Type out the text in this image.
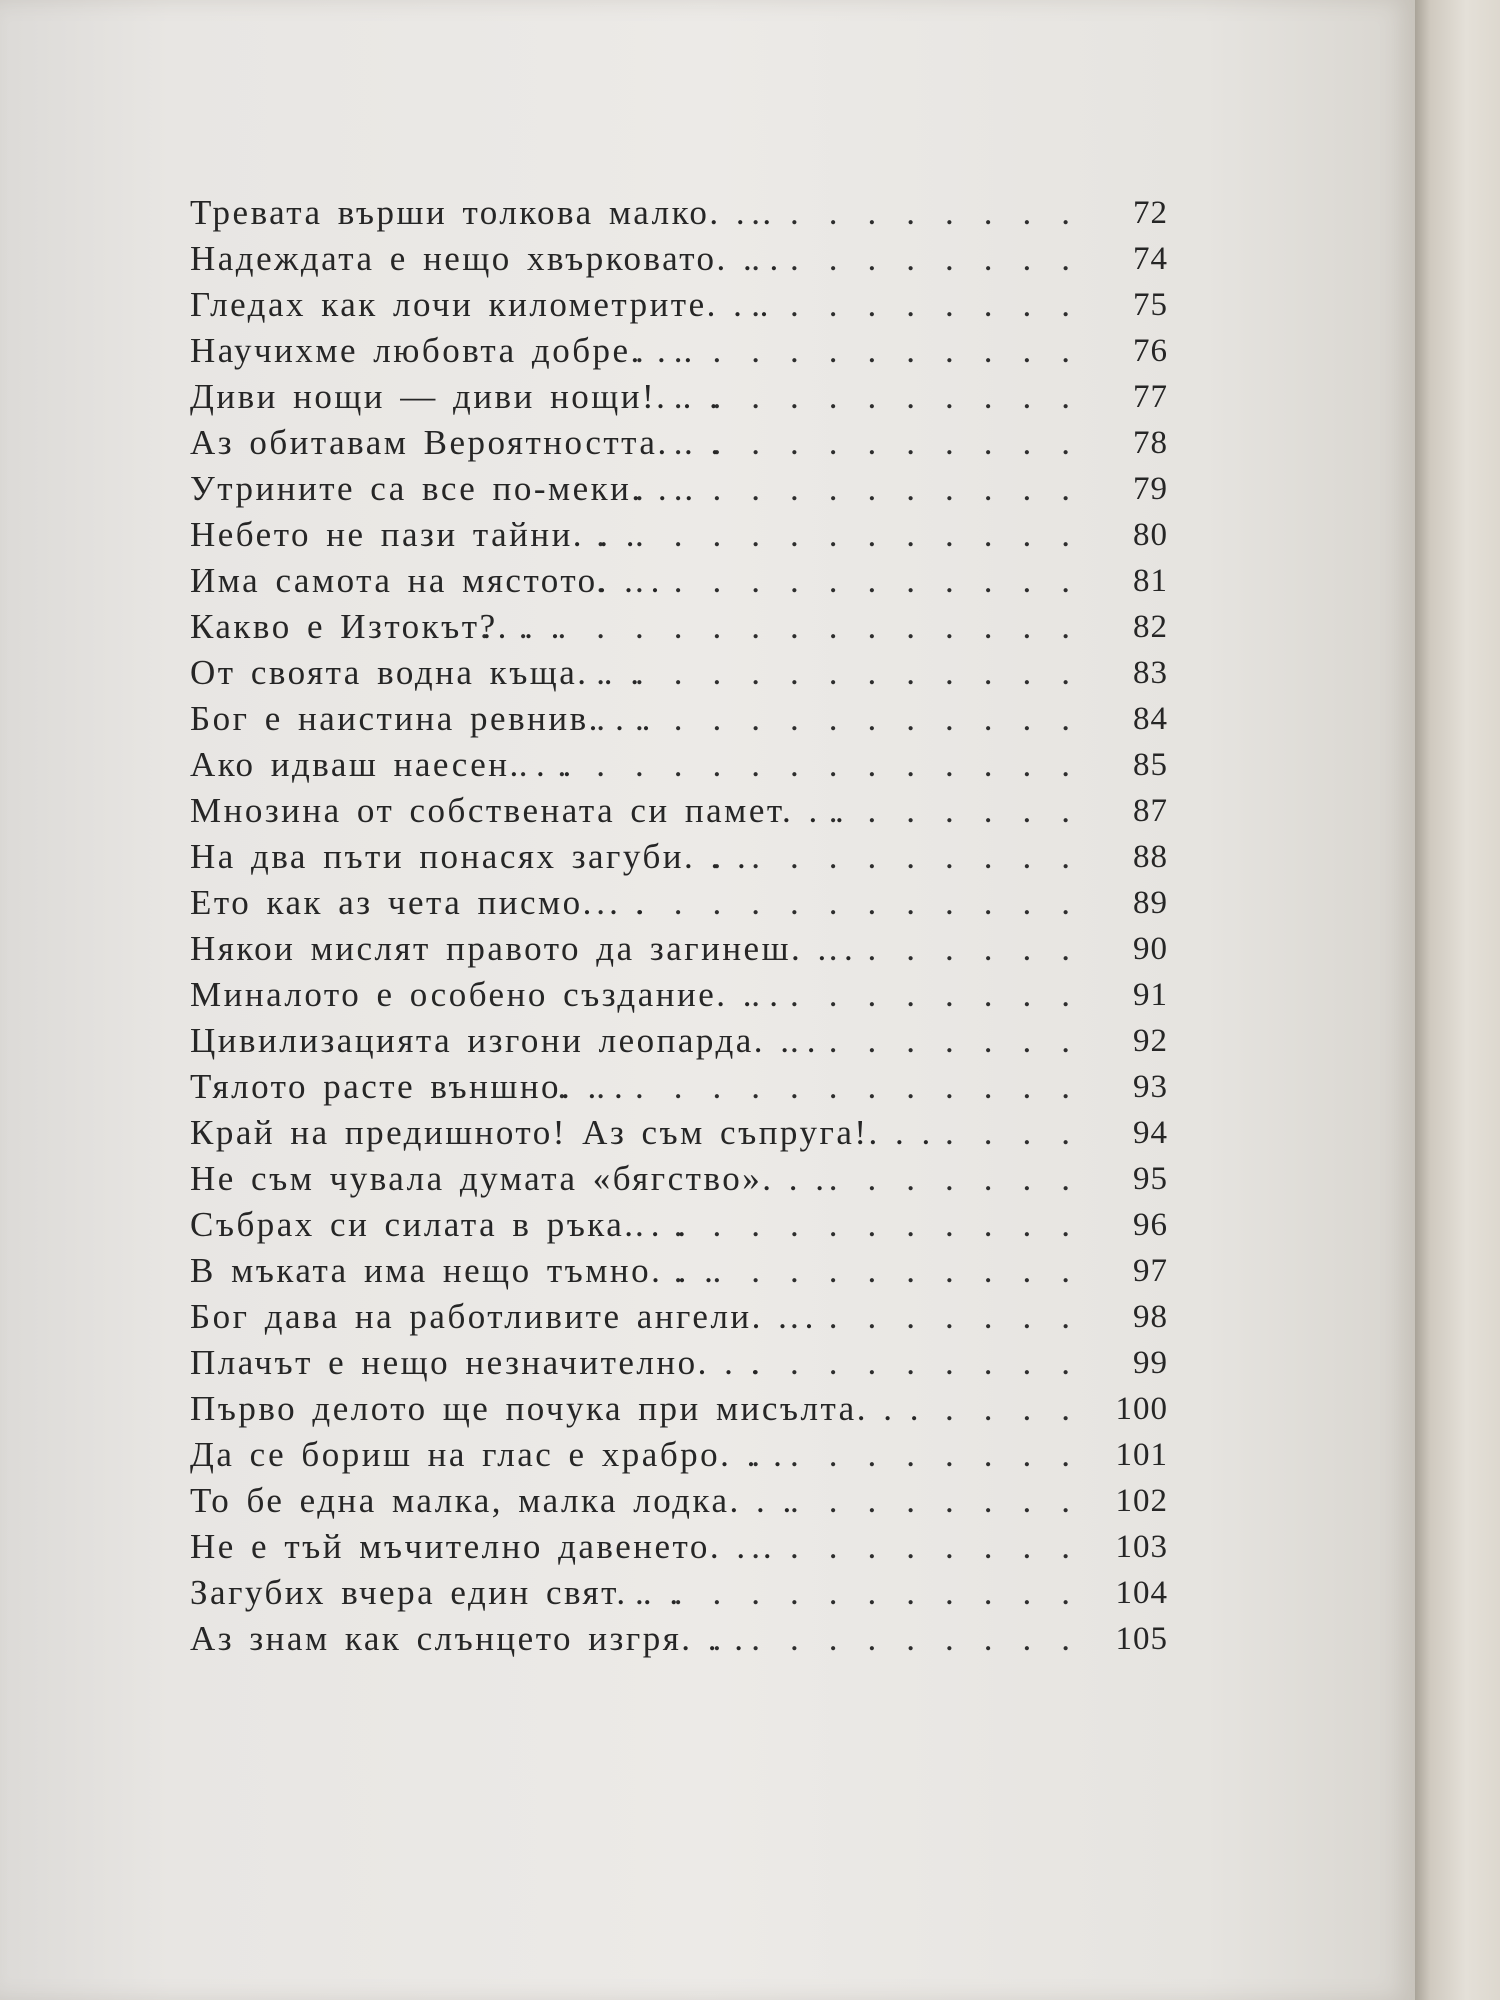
.........
Тревата върши толкова малко. . .	72
.........
Надеждата е нещо хвърковато. . .	74
.........
Гледах как лочи километрите. . .	75
............
Научихме любовта добре. . .	76
...........
Диви нощи — диви нощи!. . .	77
...........
Аз обитавам Вероятността. . .	78
............
Утрините са все по-меки. . .	79
.............
Небето не пази тайни. . .	80
.............
Има самота на мястото. . .	81
................
Какво е Изтокът?. . .	82
.............
От своята водна къща. . .	83
.............
Бог е наистина ревнив. . .	84
...............
Ако идваш наесен. . .	85
.......
Мнозина от собствената си памет. . .	87
..........
На два пъти понасях загуби. . .	88
.............
Ето как аз чета писмо. . .	89
.......
Някои мислят правото да загинеш. . .	90
.........
Миналото е особено създание. . .	91
........
Цивилизацията изгони леопарда. . .	92
..............
Тялото расте външно. . .	93
....
Край на предишното! Аз съм съпруга!. . .	94
.......
Не съм чувала думата «бягство». . .	95
............
Събрах си силата в ръка. . .	96
...........
В мъката има нещо тъмно. . .	97
........
Бог дава на работливите ангели. . .	98
.........
Плачът е нещо незначително. . .	99
....
Първо делото ще почука при мисълта. . .	100
.........
Да се бориш на глас е храбро. . .	101
........
То бе една малка, малка лодка. . .	102
.........
Не е тъй мъчително давенето. . .	103
............
Загубих вчера един свят. . .	104
..........
Аз знам как слънцето изгря. . .	105
